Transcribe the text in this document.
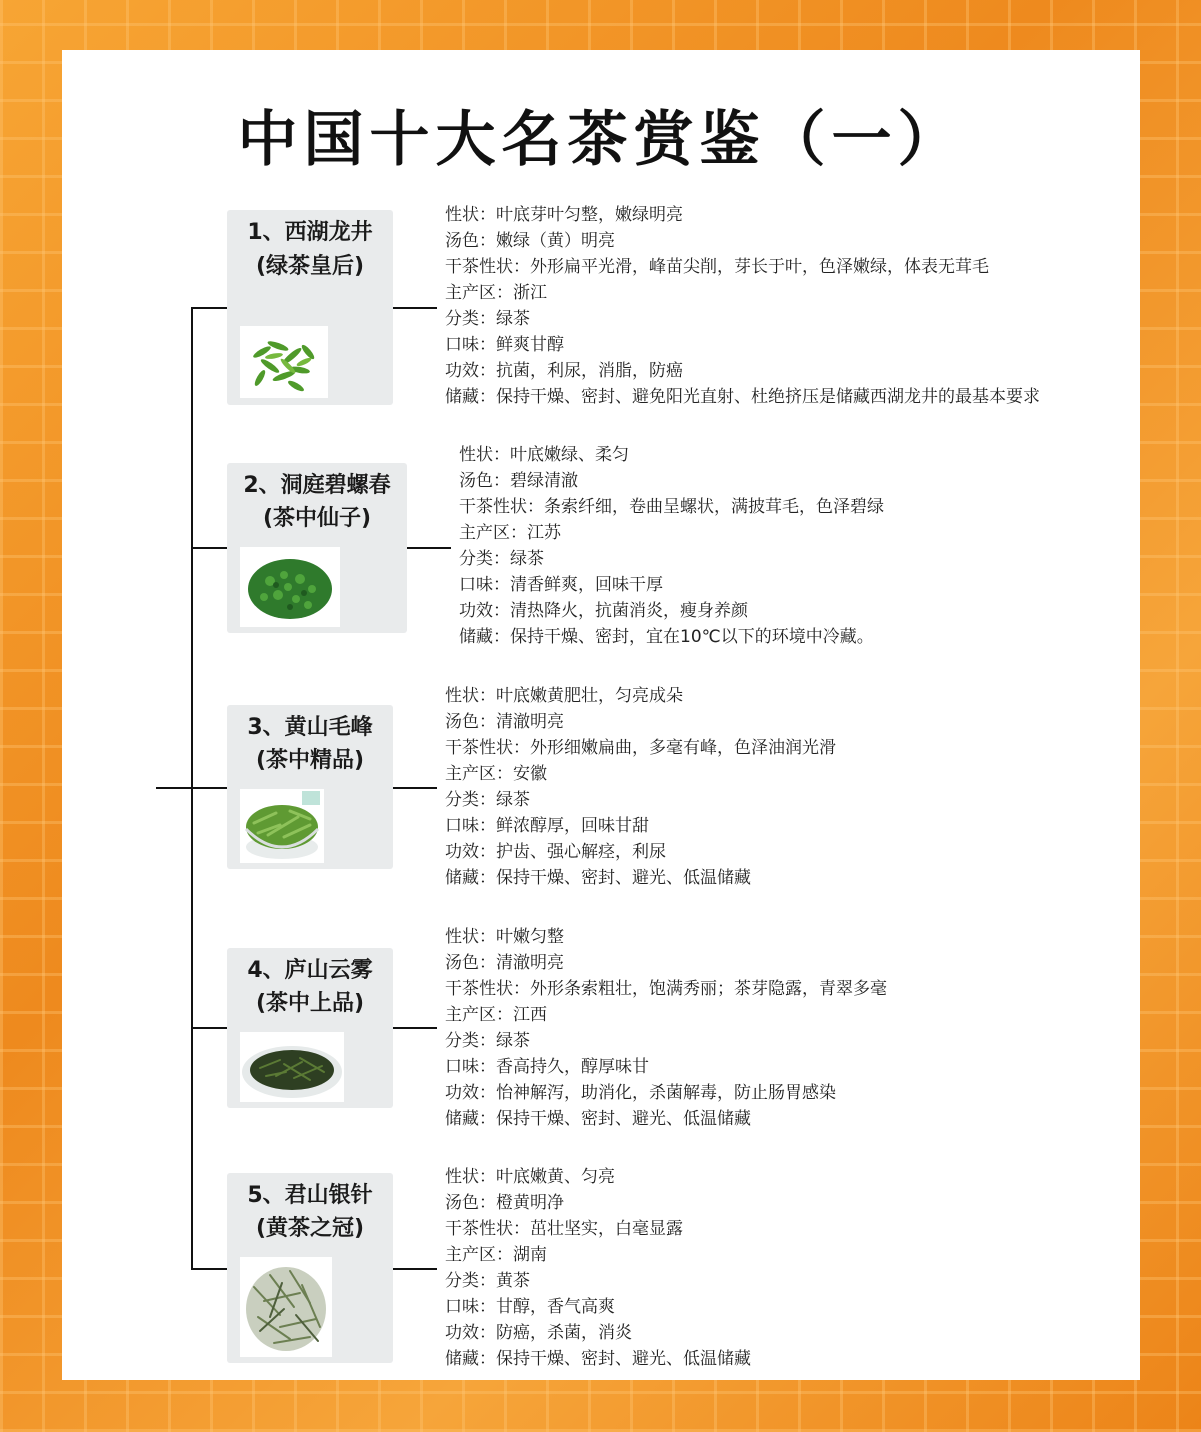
中国十大名茶赏鉴（一）
1、西湖龙井
(绿茶皇后)
性状：叶底芽叶匀整，嫩绿明亮
汤色：嫩绿（黄）明亮
干茶性状：外形扁平光滑，峰苗尖削，芽长于叶，色泽嫩绿，体表无茸毛
主产区：浙江
分类：绿茶
口味：鲜爽甘醇
功效：抗菌，利尿，消脂，防癌
储藏：保持干燥、密封、避免阳光直射、杜绝挤压是储藏西湖龙井的最基本要求
2、洞庭碧螺春
(茶中仙子)
性状：叶底嫩绿、柔匀
汤色：碧绿清澈
干茶性状：条索纤细，卷曲呈螺状，满披茸毛，色泽碧绿
主产区：江苏
分类：绿茶
口味：清香鲜爽，回味干厚
功效：清热降火，抗菌消炎，瘦身养颜
储藏：保持干燥、密封，宜在10℃以下的环境中冷藏。
3、黄山毛峰
(茶中精品)
性状：叶底嫩黄肥壮，匀亮成朵
汤色：清澈明亮
干茶性状：外形细嫩扁曲，多毫有峰，色泽油润光滑
主产区：安徽
分类：绿茶
口味：鲜浓醇厚，回味甘甜
功效：护齿、强心解痉，利尿
储藏：保持干燥、密封、避光、低温储藏
4、庐山云雾
(茶中上品)
性状：叶嫩匀整
汤色：清澈明亮
干茶性状：外形条索粗壮，饱满秀丽；茶芽隐露，青翠多毫
主产区：江西
分类：绿茶
口味：香高持久，醇厚味甘
功效：怡神解泻，助消化，杀菌解毒，防止肠胃感染
储藏：保持干燥、密封、避光、低温储藏
5、君山银针
(黄茶之冠)
性状：叶底嫩黄、匀亮
汤色：橙黄明净
干茶性状：茁壮坚实，白毫显露
主产区：湖南
分类：黄茶
口味：甘醇，香气高爽
功效：防癌，杀菌，消炎
储藏：保持干燥、密封、避光、低温储藏
